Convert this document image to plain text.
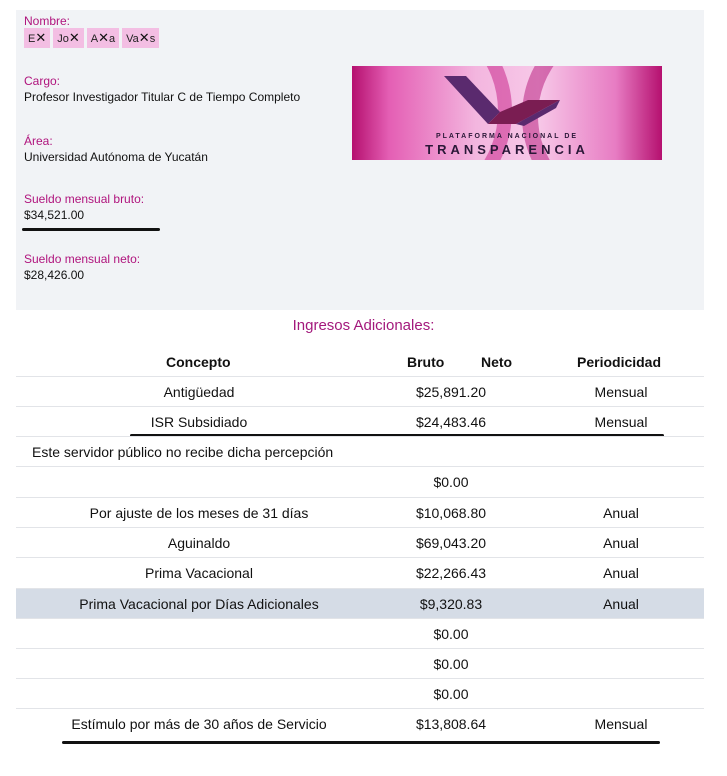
Nombre:
E✕	Jo✕	A✕a	Va✕s
Cargo:
Profesor Investigador Titular C de Tiempo Completo
Área:
Universidad Autónoma de Yucatán
Sueldo mensual bruto:
$34,521.00
Sueldo mensual neto:
$28,426.00
PLATAFORMA NACIONAL DE
TRANSPARENCIA
Ingresos Adicionales:
Concepto	Bruto	Neto	Periodicidad
Antigüedad	$25,891.20	Mensual
ISR Subsidiado	$24,483.46	Mensual
Este servidor público no recibe dicha percepción
$0.00
Por ajuste de los meses de 31 días	$10,068.80	Anual
Aguinaldo	$69,043.20	Anual
Prima Vacacional	$22,266.43	Anual
Prima Vacacional por Días Adicionales	$9,320.83	Anual
$0.00
$0.00
$0.00
Estímulo por más de 30 años de Servicio	$13,808.64	Mensual
